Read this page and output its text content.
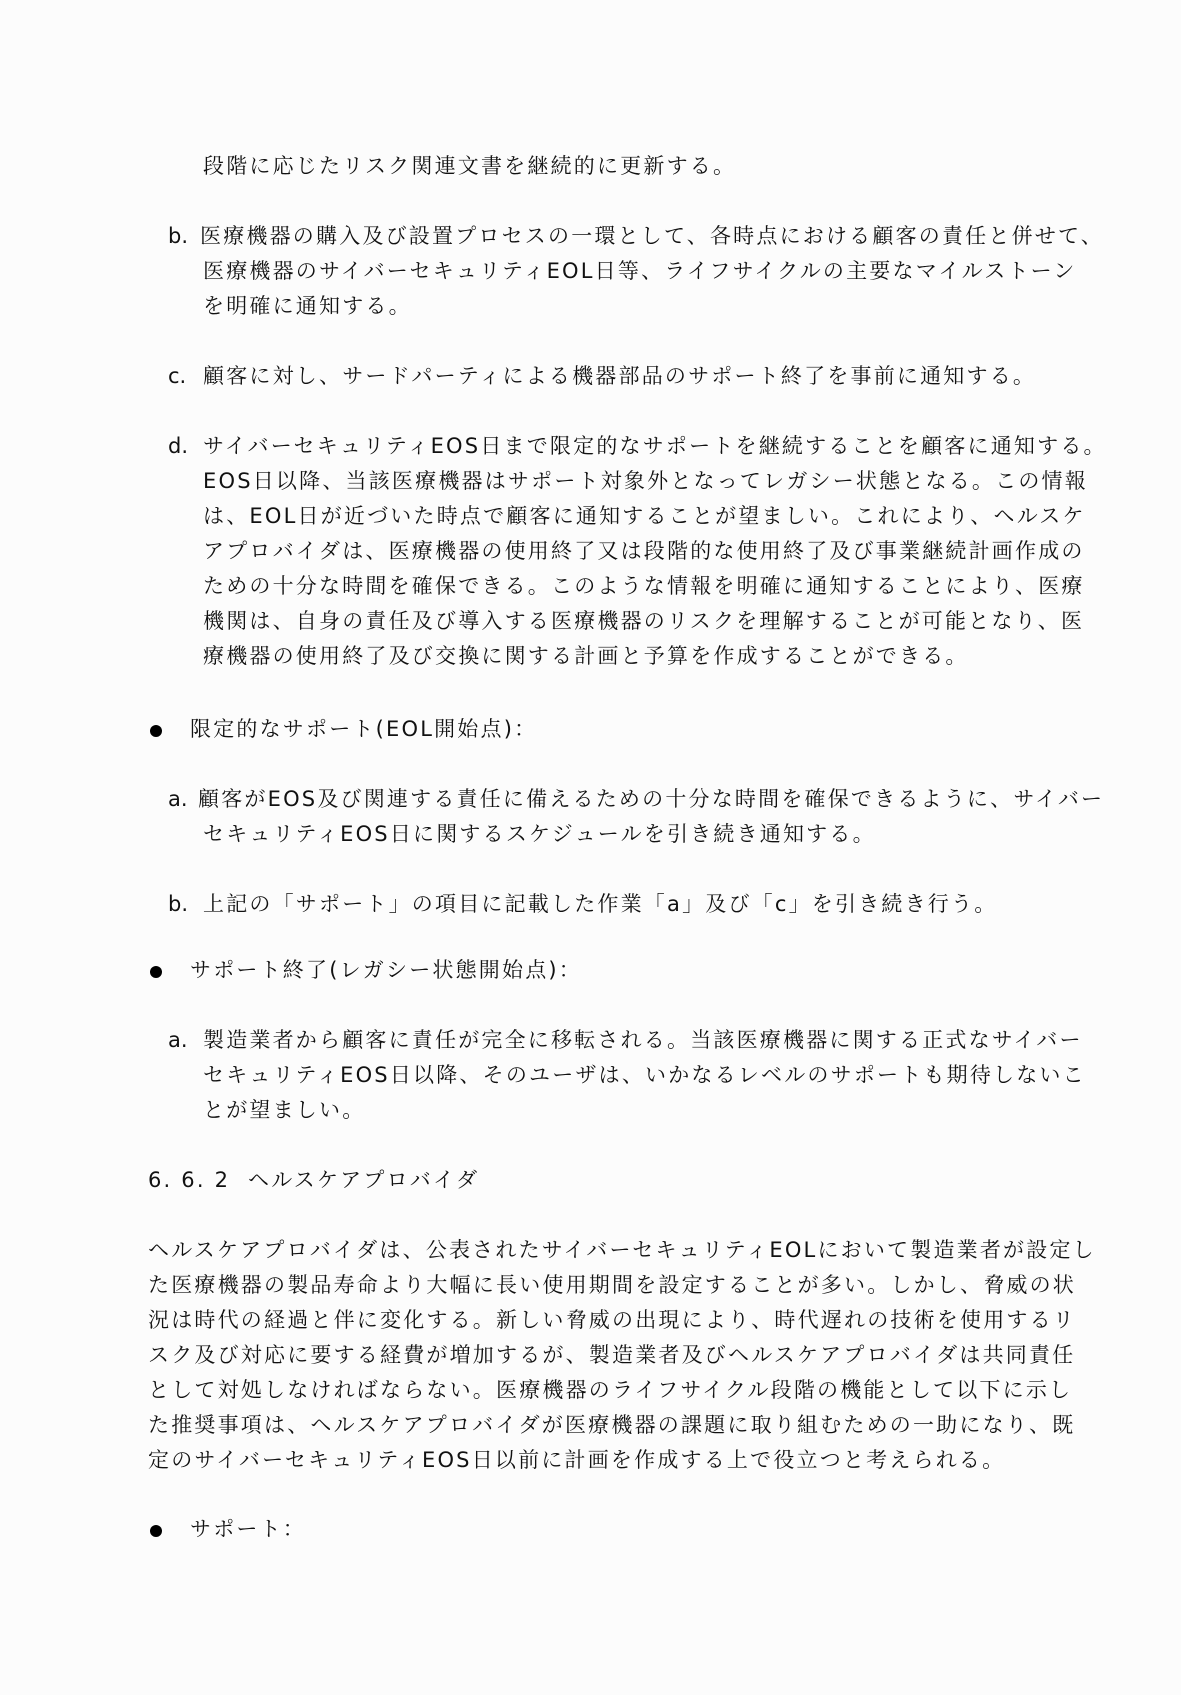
段階に応じたリスク関連文書を継続的に更新する。
b. 医療機器の購入及び設置プロセスの一環として、各時点における顧客の責任と併せて、
医療機器のサイバーセキュリティEOL日等、ライフサイクルの主要なマイルストーン
を明確に通知する。
c. 顧客に対し、サードパーティによる機器部品のサポート終了を事前に通知する。
d. サイバーセキュリティEOS日まで限定的なサポートを継続することを顧客に通知する。
EOS日以降、当該医療機器はサポート対象外となってレガシー状態となる。この情報
は、EOL日が近づいた時点で顧客に通知することが望ましい。これにより、ヘルスケ
アプロバイダは、医療機器の使用終了又は段階的な使用終了及び事業継続計画作成の
ための十分な時間を確保できる。このような情報を明確に通知することにより、医療
機関は、自身の責任及び導入する医療機器のリスクを理解することが可能となり、医
療機器の使用終了及び交換に関する計画と予算を作成することができる。
限定的なサポート(EOL開始点)：
a. 顧客がEOS及び関連する責任に備えるための十分な時間を確保できるように、サイバー
セキュリティEOS日に関するスケジュールを引き続き通知する。
b. 上記の「サポート」の項目に記載した作業「a」及び「c」を引き続き行う。
サポート終了(レガシー状態開始点)：
a. 製造業者から顧客に責任が完全に移転される。当該医療機器に関する正式なサイバー
セキュリティEOS日以降、そのユーザは、いかなるレベルのサポートも期待しないこ
とが望ましい。
6. 6. 2 ヘルスケアプロバイダ
ヘルスケアプロバイダは、公表されたサイバーセキュリティEOLにおいて製造業者が設定し
た医療機器の製品寿命より大幅に長い使用期間を設定することが多い。しかし、脅威の状
況は時代の経過と伴に変化する。新しい脅威の出現により、時代遅れの技術を使用するリ
スク及び対応に要する経費が増加するが、製造業者及びヘルスケアプロバイダは共同責任
として対処しなければならない。医療機器のライフサイクル段階の機能として以下に示し
た推奨事項は、ヘルスケアプロバイダが医療機器の課題に取り組むための一助になり、既
定のサイバーセキュリティEOS日以前に計画を作成する上で役立つと考えられる。
サポート：
